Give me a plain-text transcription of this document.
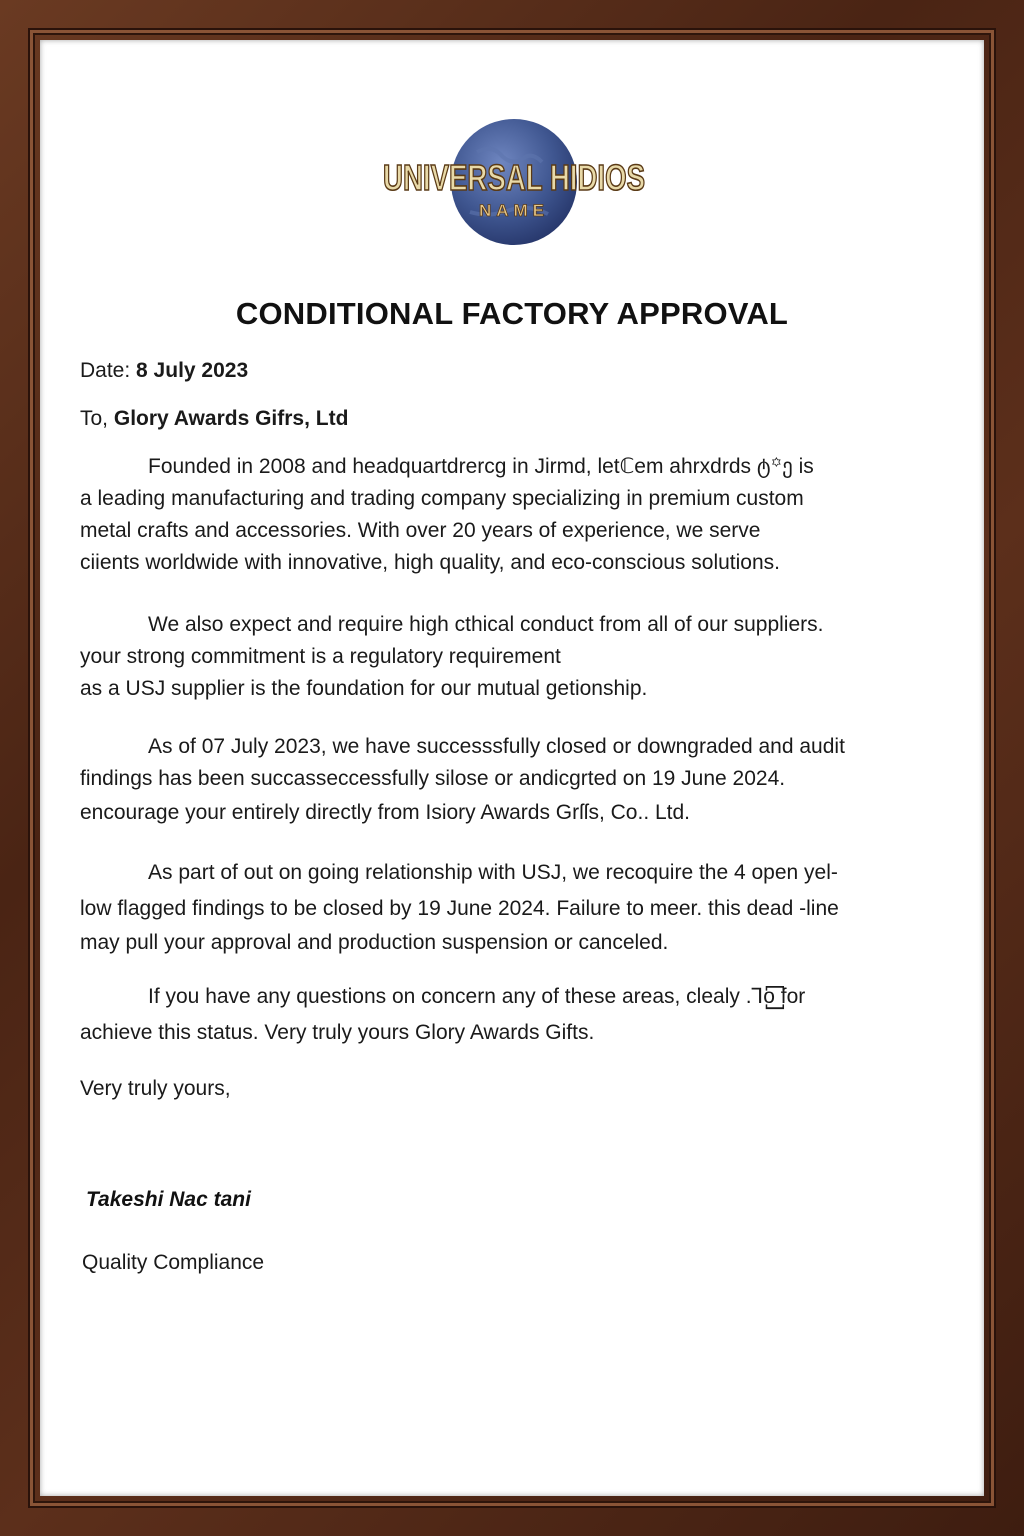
UNIVERSAL HIDIOS
NAME
CONDITIONAL FACTORY APPROVAL
Date: 8 July 2023
To, Glory Awards Gifrs, Ltd
Founded in 2008 and headquartdrercg in Jirmd, letℂem ahrxdrds ტ꙳ე is
a leading manufacturing and trading company specializing in premium custom
metal crafts and accessories. With over 20 years of experience, we serve
ciients worldwide with innovative, high quality, and eco-conscious solutions.
We also expect and require high cthical conduct from all of our suppliers.
your strong commitment is a regulatory requirement
as a USJ supplier is the foundation for our mutual getionship.
As of 07 July 2023, we have successsfully closed or downgraded and audit
findings has been succasseccessfully silose or andicgrted on 19 June 2024.
encourage your entirely directly from Isiory Awards Grſſs, Co.. Ltd.
As part of out on going relationship with USJ, we recoquire the 4 open yel-
low flagged findings to be closed by 19 June 2024. Failure to meer. this dead -line
may pull your approval and production suspension or canceled.
If you have any questions on concern any of these areas, clealy .Ꞁo꙱ for
achieve this status. Very truly yours Glory Awards Gifts.
Very truly yours,
Takeshi Nac tani
Quality Compliance
